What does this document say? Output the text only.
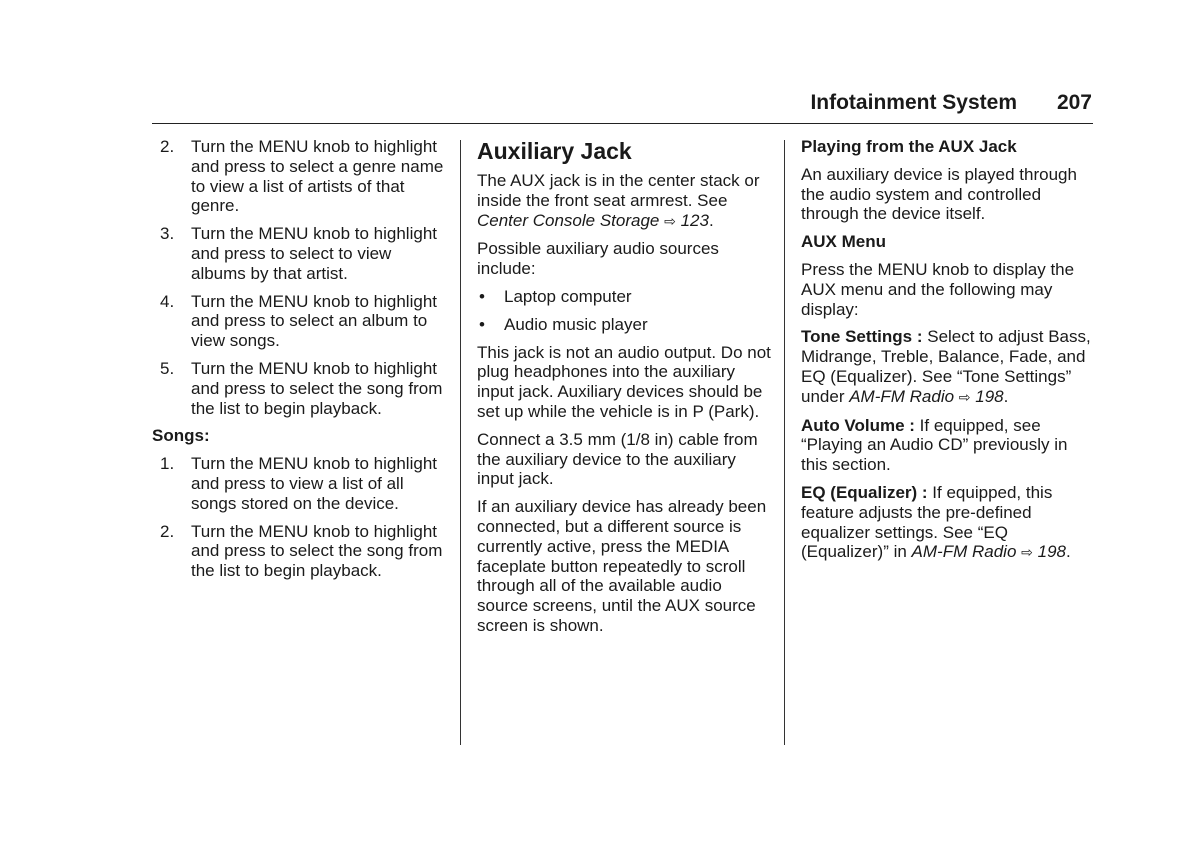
Infotainment System 207
2. Turn the MENU knob to highlight and press to select a genre name to view a list of artists of that genre.
3. Turn the MENU knob to highlight and press to select to view albums by that artist.
4. Turn the MENU knob to highlight and press to select an album to view songs.
5. Turn the MENU knob to highlight and press to select the song from the list to begin playback.
Songs:
1. Turn the MENU knob to highlight and press to view a list of all songs stored on the device.
2. Turn the MENU knob to highlight and press to select the song from the list to begin playback.
Auxiliary Jack

The AUX jack is in the center stack or inside the front seat armrest. See Center Console Storage ⇨ 123.

Possible auxiliary audio sources include:

• Laptop computer
• Audio music player

This jack is not an audio output. Do not plug headphones into the auxiliary input jack. Auxiliary devices should be set up while the vehicle is in P (Park).

Connect a 3.5 mm (1/8 in) cable from the auxiliary device to the auxiliary input jack.

If an auxiliary device has already been connected, but a different source is currently active, press the MEDIA faceplate button repeatedly to scroll through all of the available audio source screens, until the AUX source screen is shown.

Playing from the AUX Jack

An auxiliary device is played through the audio system and controlled through the device itself.

AUX Menu

Press the MENU knob to display the AUX menu and the following may display:

Tone Settings : Select to adjust Bass, Midrange, Treble, Balance, Fade, and EQ (Equalizer). See “Tone Settings” under AM-FM Radio ⇨ 198.

Auto Volume : If equipped, see “Playing an Audio CD” previously in this section.

EQ (Equalizer) : If equipped, this feature adjusts the pre-defined equalizer settings. See “EQ (Equalizer)” in AM-FM Radio ⇨ 198.
